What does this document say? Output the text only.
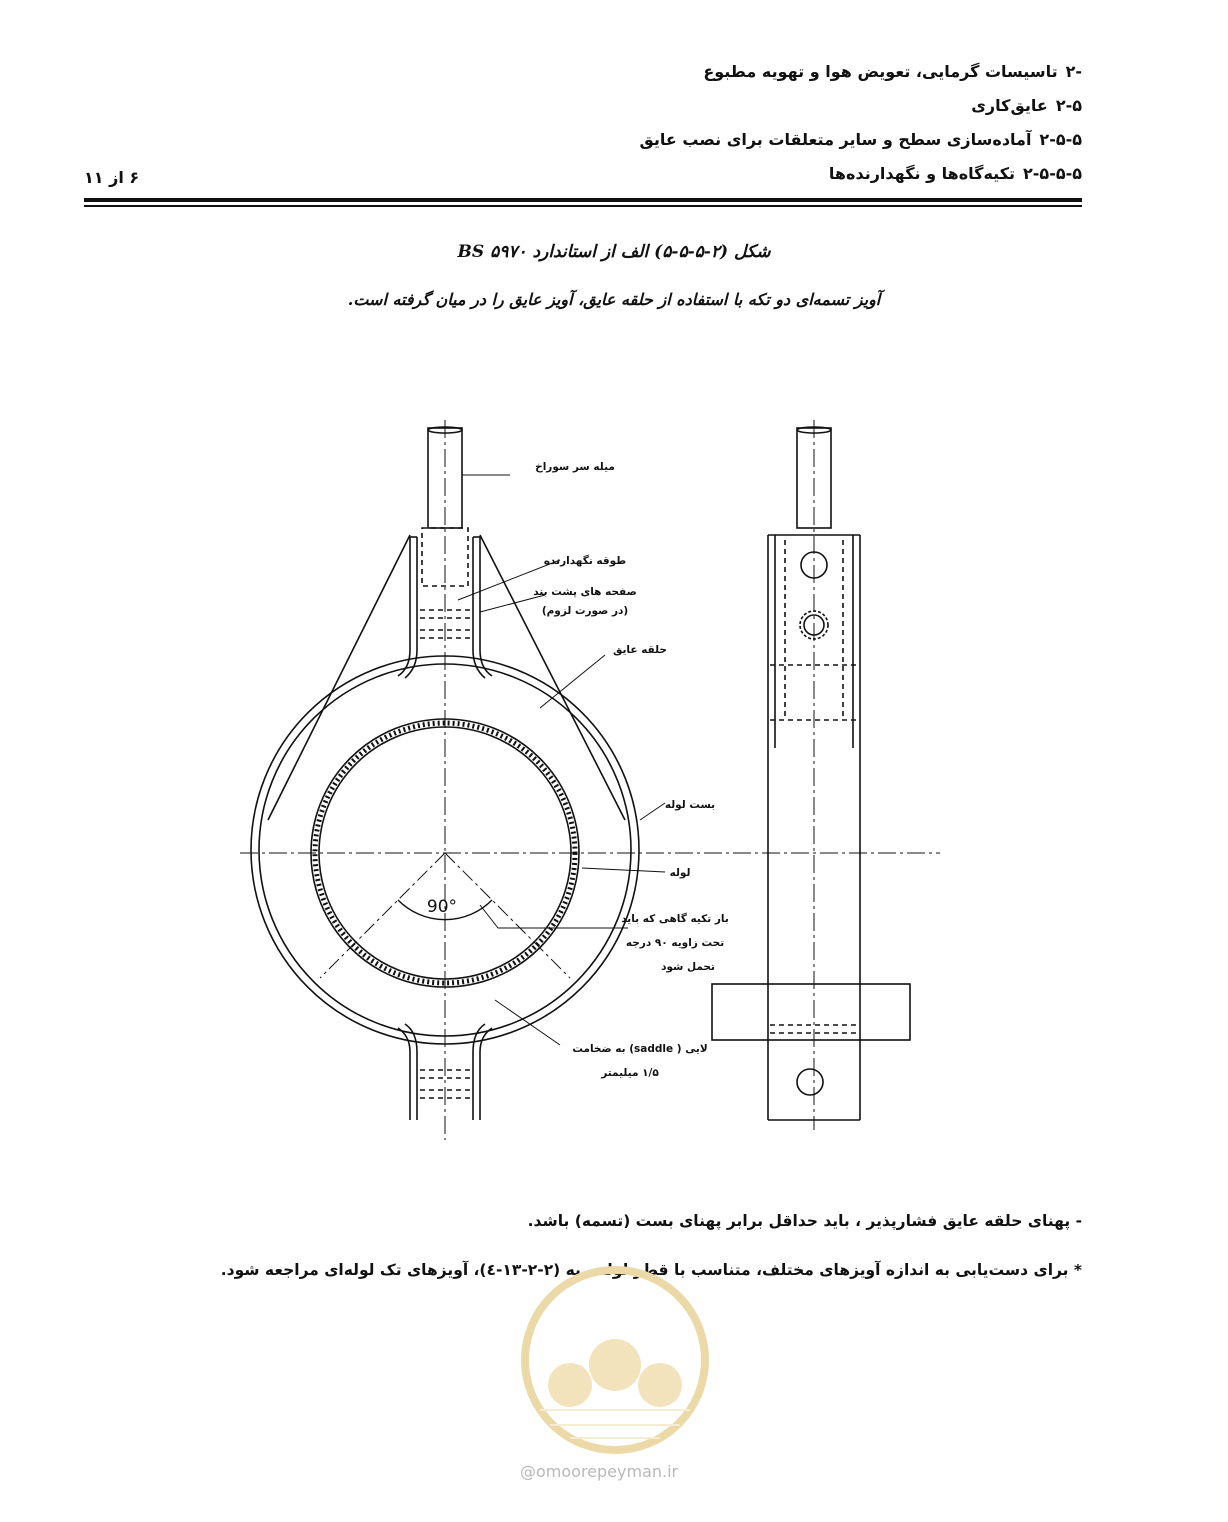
-۲تاسیسات گرمایی، تعویض هوا و تهویه مطبوع
۲-۵عایق‌کاری
۲-۵-۵آماده‌سازی سطح و سایر متعلقات برای نصب عایق
۲-۵-۵-۵تکیه‌گاه‌ها و نگهدارنده‌ها
۶ از ۱۱
شکل (۲-۵-۵-۵) الف از استاندارد BS ۵۹۷۰
آویز تسمه‌ای دو تکه با استفاده از حلقه عایق، آویز عایق را در میان گرفته است.
میله سر سوراخ
طوقه نگهدارنده
صفحه های پشت بند
(در صورت لزوم)
حلقه عایق
بست لوله
لوله
90°
بار تکیه گاهی که باید
تحت زاویه ۹۰ درجه
تحمل شود
لایی ( saddle) به ضخامت
۱/۵ میلیمتر
- پهنای حلقه عایق فشارپذیر ، باید حداقل برابر پهنای بست (تسمه) باشد.
* برای دست‌یابی به اندازه آویزهای مختلف، متناسب با قطر لوله ، به (۲-۲-۱۳-٤)، آویزهای تک لوله‌ای مراجعه شود.
@omoorepeyman.ir
